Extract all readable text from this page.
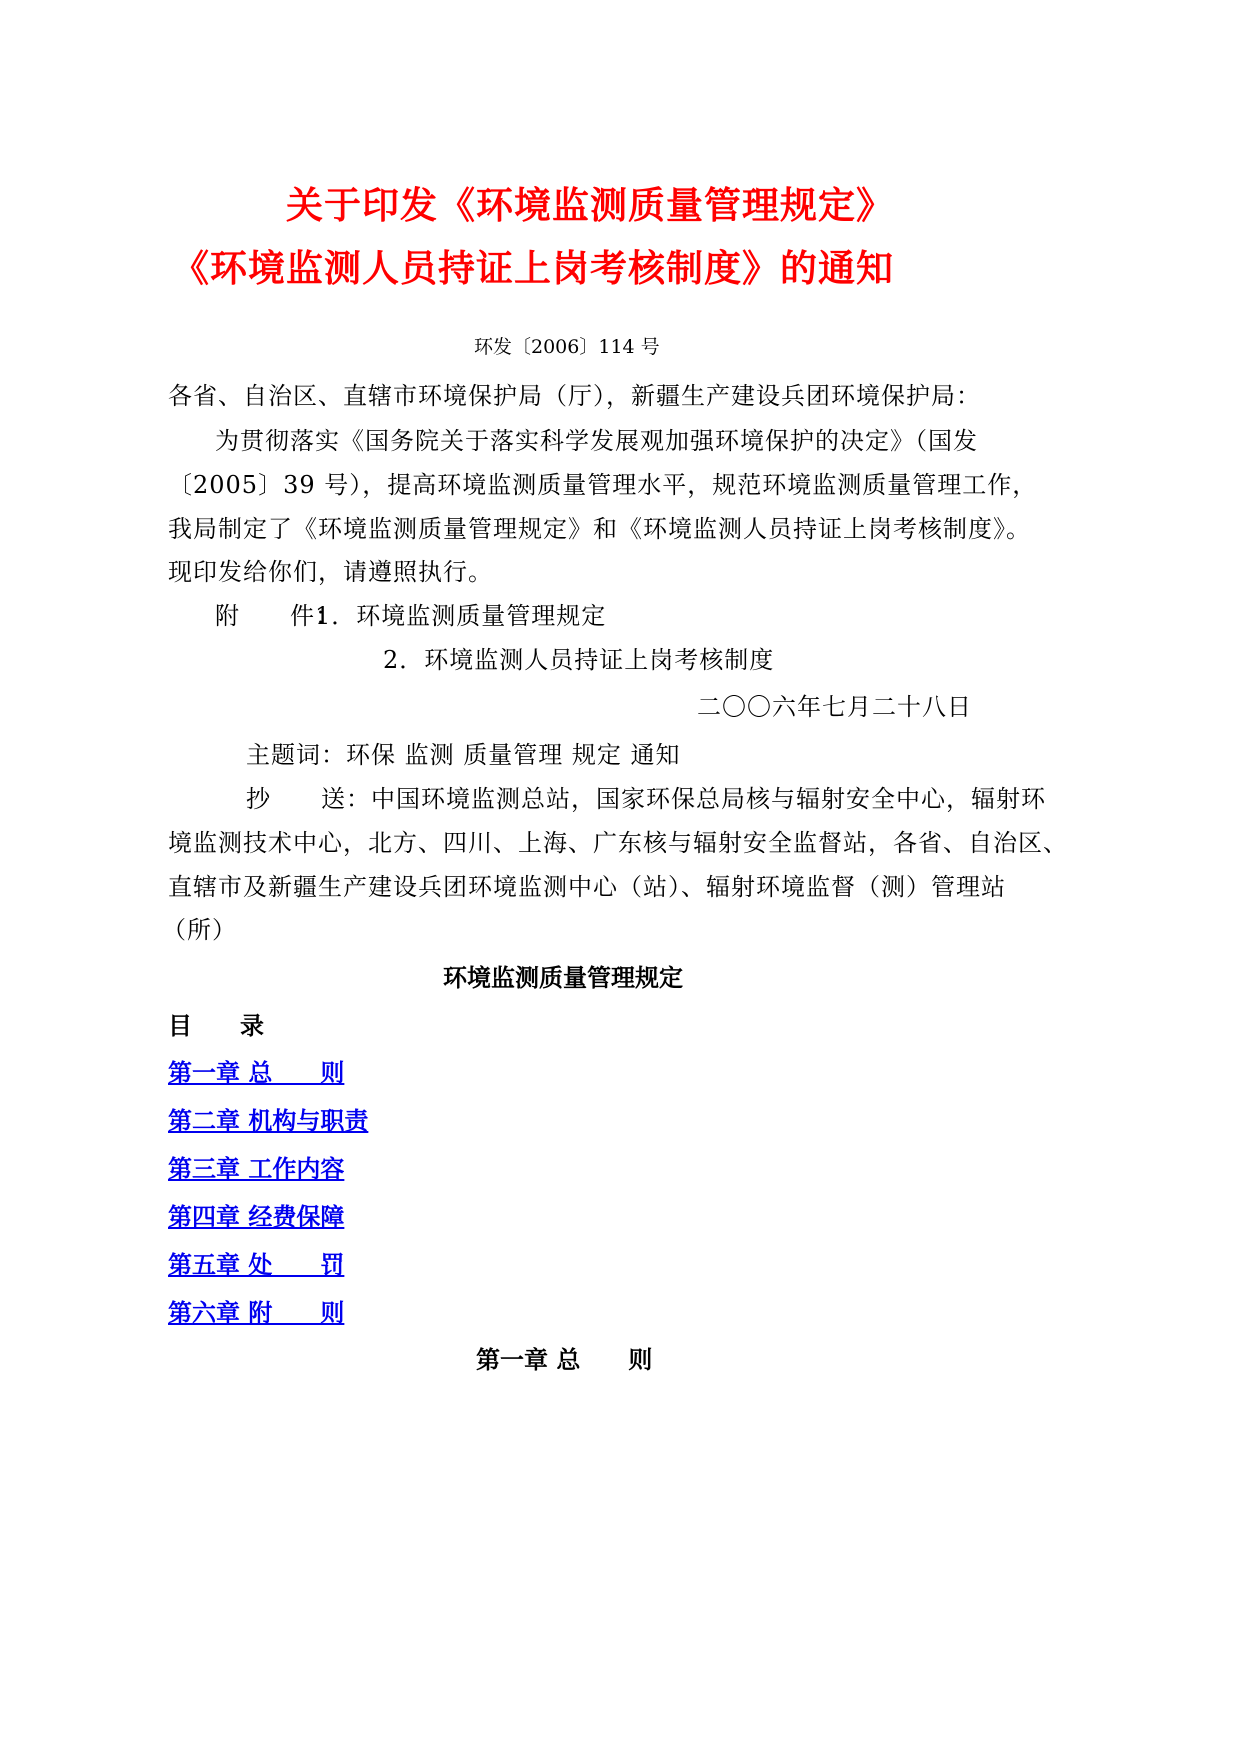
关于印发《环境监测质量管理规定》
《环境监测人员持证上岗考核制度》的通知
环发〔2006〕114 号
各省、自治区、直辖市环境保护局（厅），新疆生产建设兵团环境保护局：
为贯彻落实《国务院关于落实科学发展观加强环境保护的决定》（国发
〔2005〕39 号），提高环境监测质量管理水平，规范环境监测质量管理工作，
我局制定了《环境监测质量管理规定》和《环境监测人员持证上岗考核制度》。
现印发给你们，请遵照执行。
附　　件：
1．环境监测质量管理规定
2．环境监测人员持证上岗考核制度
二〇〇六年七月二十八日
主题词：环保 监测 质量管理 规定 通知
抄　　送：中国环境监测总站，国家环保总局核与辐射安全中心，辐射环
境监测技术中心，北方、四川、上海、广东核与辐射安全监督站，各省、自治区、
直辖市及新疆生产建设兵团环境监测中心（站）、辐射环境监督（测）管理站
（所）
环境监测质量管理规定
目　　录
第一章 总　　则
第二章 机构与职责
第三章 工作内容
第四章 经费保障
第五章 处　　罚
第六章 附　　则
第一章 总　　则
